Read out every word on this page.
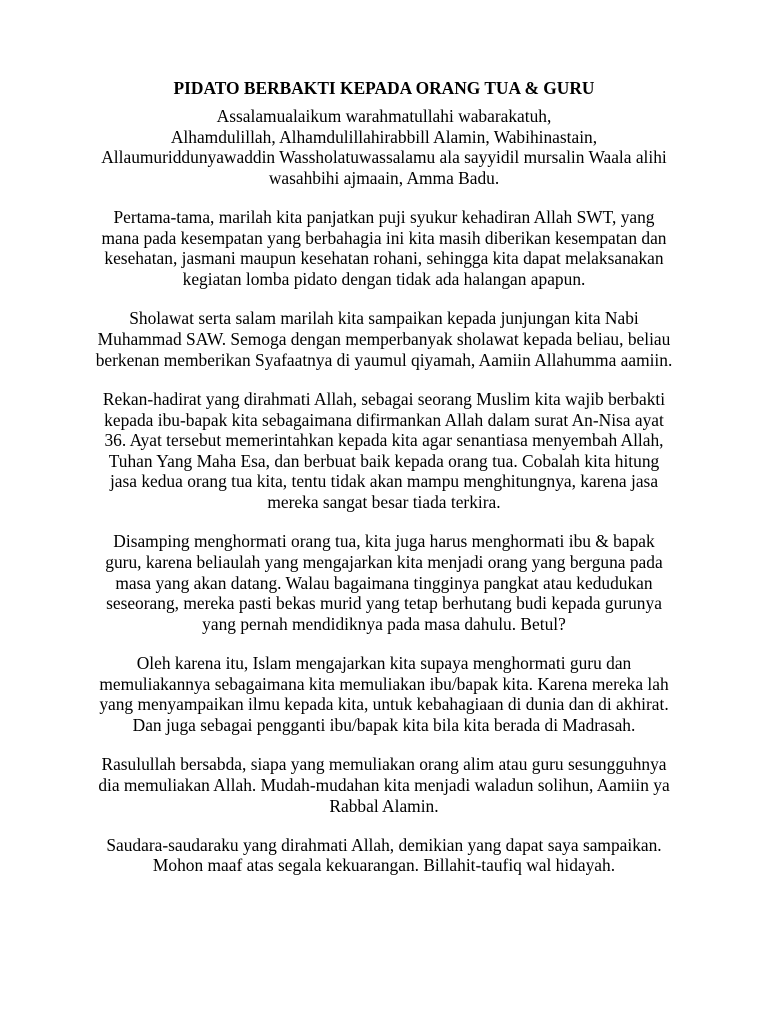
PIDATO BERBAKTI KEPADA ORANG TUA & GURU
Assalamualaikum warahmatullahi wabarakatuh,
Alhamdulillah, Alhamdulillahirabbill Alamin, Wabihinastain,
Allaumuriddunyawaddin Wassholatuwassalamu ala sayyidil mursalin Waala alihi
wasahbihi ajmaain, Amma Badu.
Pertama-tama, marilah kita panjatkan puji syukur kehadiran Allah SWT, yang
mana pada kesempatan yang berbahagia ini kita masih diberikan kesempatan dan
kesehatan, jasmani maupun kesehatan rohani, sehingga kita dapat melaksanakan
kegiatan lomba pidato dengan tidak ada halangan apapun.
Sholawat serta salam marilah kita sampaikan kepada junjungan kita Nabi
Muhammad SAW. Semoga dengan memperbanyak sholawat kepada beliau, beliau
berkenan memberikan Syafaatnya di yaumul qiyamah, Aamiin Allahumma aamiin.
Rekan-hadirat yang dirahmati Allah, sebagai seorang Muslim kita wajib berbakti
kepada ibu-bapak kita sebagaimana difirmankan Allah dalam surat An-Nisa ayat
36. Ayat tersebut memerintahkan kepada kita agar senantiasa menyembah Allah,
Tuhan Yang Maha Esa, dan berbuat baik kepada orang tua. Cobalah kita hitung
jasa kedua orang tua kita, tentu tidak akan mampu menghitungnya, karena jasa
mereka sangat besar tiada terkira.
Disamping menghormati orang tua, kita juga harus menghormati ibu & bapak
guru, karena beliaulah yang mengajarkan kita menjadi orang yang berguna pada
masa yang akan datang. Walau bagaimana tingginya pangkat atau kedudukan
seseorang, mereka pasti bekas murid yang tetap berhutang budi kepada gurunya
yang pernah mendidiknya pada masa dahulu. Betul?
Oleh karena itu, Islam mengajarkan kita supaya menghormati guru dan
memuliakannya sebagaimana kita memuliakan ibu/bapak kita. Karena mereka lah
yang menyampaikan ilmu kepada kita, untuk kebahagiaan di dunia dan di akhirat.
Dan juga sebagai pengganti ibu/bapak kita bila kita berada di Madrasah.
Rasulullah bersabda, siapa yang memuliakan orang alim atau guru sesungguhnya
dia memuliakan Allah. Mudah-mudahan kita menjadi waladun solihun, Aamiin ya
Rabbal Alamin.
Saudara-saudaraku yang dirahmati Allah, demikian yang dapat saya sampaikan.
Mohon maaf atas segala kekuarangan. Billahit-taufiq wal hidayah.
